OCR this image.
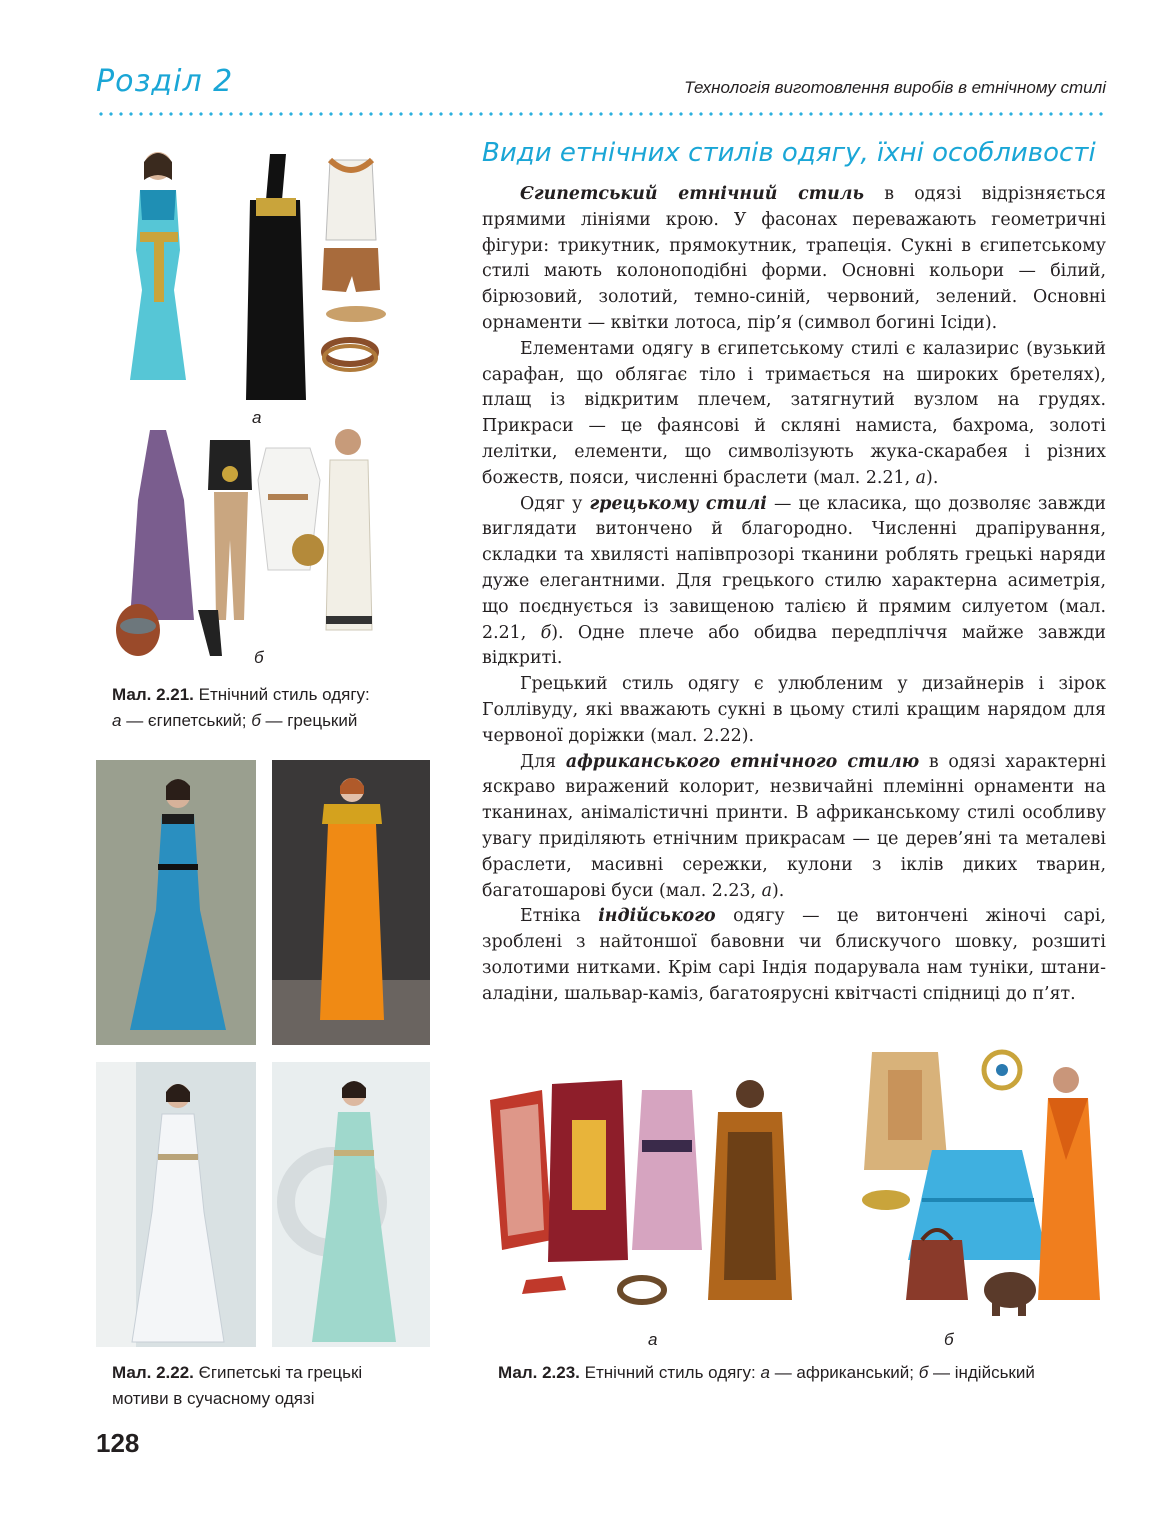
Розділ 2	Технологія виготовлення виробів в етнічному стилі
Види етнічних стилів одягу, їхні особливості

Єгипетський етнічний стиль в одязі відрізняється прямими лініями крою. У фасонах переважають геометричні фігури: трикутник, прямокутник, трапеція. Сукні в єгипетському стилі мають колоноподібні форми. Основні кольори — білий, бірюзовий, золотий, темно-синій, червоний, зелений. Основні орнаменти — квітки лотоса, пір’я (символ богині Ісіди).

Елементами одягу в єгипетському стилі є калазирис (вузький сарафан, що облягає тіло і тримається на широких бретелях), плащ із відкритим плечем, затягнутий вузлом на грудях. Прикраси — це фаянсові й скляні намиста, бахрома, золоті лелітки, елементи, що символізують жука-скарабея і різних божеств, пояси, численні браслети (мал. 2.21, а).

Одяг у грецькому стилі — це класика, що дозволяє завжди виглядати витончено й благородно. Численні драпірування, складки та хвилясті напівпрозорі тканини роблять грецькі наряди дуже елегантними. Для грецького стилю характерна асиметрія, що поєднується із завищеною талією й прямим силуетом (мал. 2.21, б). Одне плече або обидва передпліччя майже завжди відкриті.

Грецький стиль одягу є улюбленим у дизайнерів і зірок Голлівуду, які вважають сукні в цьому стилі кращим нарядом для червоної доріжки (мал. 2.22).

Для африканського етнічного стилю в одязі характерні яскраво виражений колорит, незвичайні племінні орнаменти на тканинах, анімалістичні принти. В африканському стилі особливу увагу приділяють етнічним прикрасам — це дерев’яні та металеві браслети, масивні сережки, кулони з іклів диких тварин, багатошарові буси (мал. 2.23, а).

Етніка індійського одягу — це витончені жіночі сарі, зроблені з найтоншої бавовни чи блискучого шовку, розшиті золотими нитками. Крім сарі Індія подарувала нам туніки, штани-аладіни, шальвар-каміз, багатоярусні квітчасті спідниці до п’ят.

а
б
Мал. 2.21. Етнічний стиль одягу:
а — єгипетський; б — грецький
Мал. 2.22. Єгипетські та грецькі
мотиви в сучасному одязі
а	б
Мал. 2.23. Етнічний стиль одягу: а — африканський; б — індійський
128
